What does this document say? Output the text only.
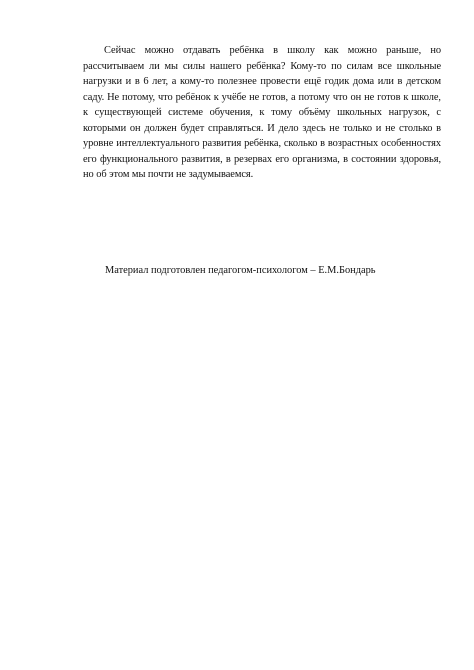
Сейчас можно отдавать ребёнка в школу как можно раньше, но рассчитываем ли мы силы нашего ребёнка? Кому-то по силам все школьные нагрузки и в 6 лет, а кому-то полезнее провести ещё годик дома или в детском саду. Не потому, что ребёнок к учёбе не готов, а потому что он не готов к школе, к существующей системе обучения, к тому объёму школьных нагрузок, с которыми он должен будет справляться. И дело здесь не только и не столько в уровне интеллектуального развития ребёнка, сколько в возрастных особенностях его функционального развития, в резервах его организма, в состоянии здоровья, но об этом мы почти не задумываемся.

Материал подготовлен педагогом-психологом – Е.М.Бондарь
